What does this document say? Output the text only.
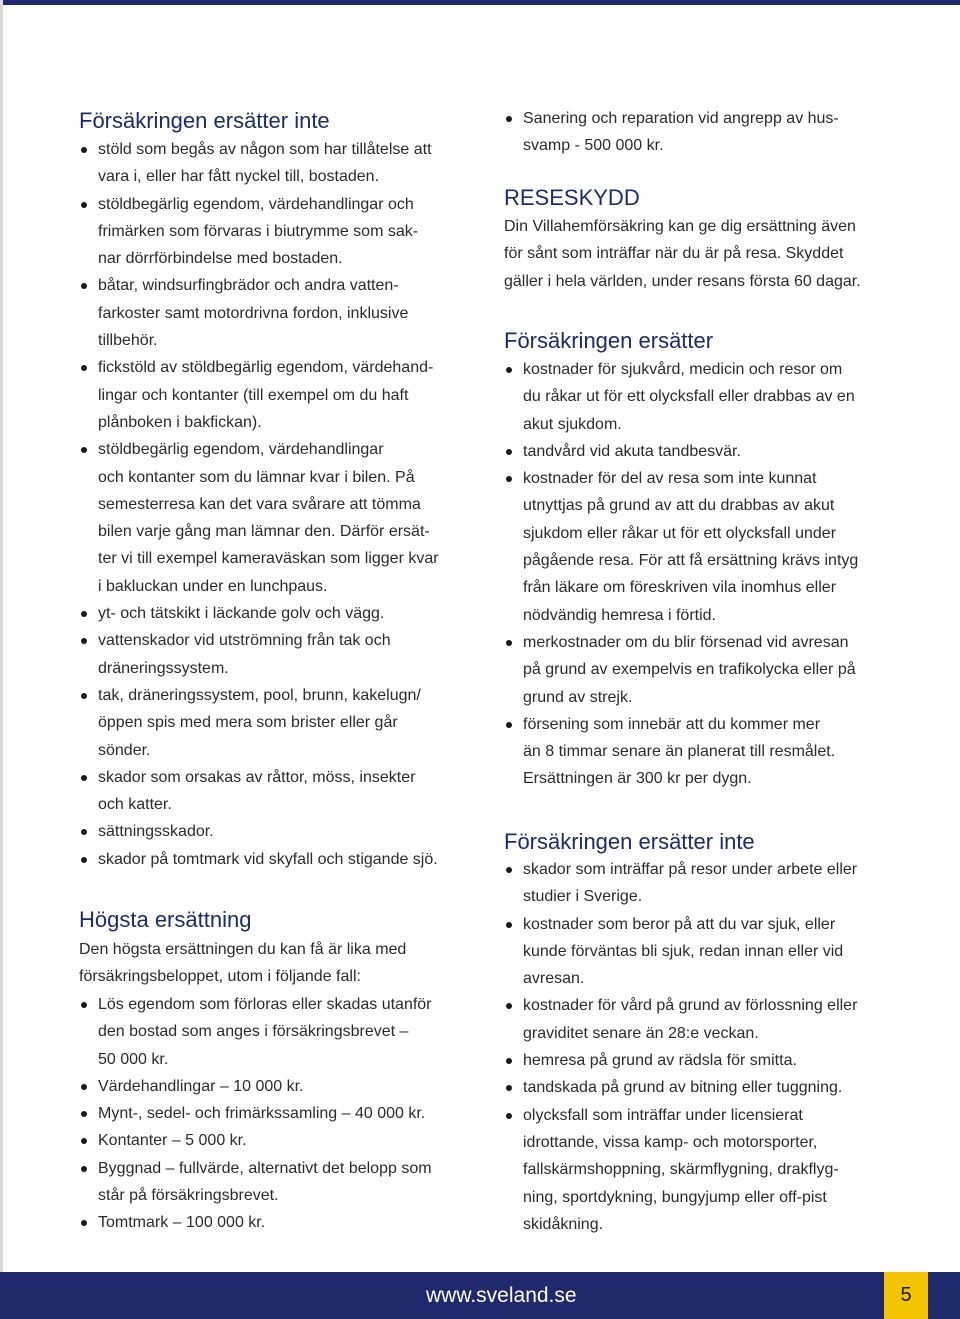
Försäkringen ersätter inte
stöld som begås av någon som har tillåtelse att
vara i, eller har fått nyckel till, bostaden.
stöldbegärlig egendom, värdehandlingar och
frimärken som förvaras i biutrymme som sak-
nar dörrförbindelse med bostaden.
båtar, windsurfingbrädor och andra vatten-
farkoster samt motordrivna fordon, inklusive
tillbehör.
fickstöld av stöldbegärlig egendom, värdehand-
lingar och kontanter (till exempel om du haft
plånboken i bakfickan).
stöldbegärlig egendom, värdehandlingar
och kontanter som du lämnar kvar i bilen. På
semesterresa kan det vara svårare att tömma
bilen varje gång man lämnar den. Därför ersät-
ter vi till exempel kameraväskan som ligger kvar
i bakluckan under en lunchpaus.
yt- och tätskikt i läckande golv och vägg.
vattenskador vid utströmning från tak och
dräneringssystem.
tak, dräneringssystem, pool, brunn, kakelugn/
öppen spis med mera som brister eller går
sönder.
skador som orsakas av råttor, möss, insekter
och katter.
sättningsskador.
skador på tomtmark vid skyfall och stigande sjö.
Högsta ersättning
Den högsta ersättningen du kan få är lika med
försäkringsbeloppet, utom i följande fall:
Lös egendom som förloras eller skadas utanför
den bostad som anges i försäkringsbrevet –
50 000 kr.
Värdehandlingar – 10 000 kr.
Mynt-, sedel- och frimärkssamling – 40 000 kr.
Kontanter – 5 000 kr.
Byggnad – fullvärde, alternativt det belopp som
står på försäkringsbrevet.
Tomtmark – 100 000 kr.
Sanering och reparation vid angrepp av hus-
svamp - 500 000 kr.
RESESKYDD
Din Villahemförsäkring kan ge dig ersättning även
för sånt som inträffar när du är på resa. Skyddet
gäller i hela världen, under resans första 60 dagar.
Försäkringen ersätter
kostnader för sjukvård, medicin och resor om
du råkar ut för ett olycksfall eller drabbas av en
akut sjukdom.
tandvård vid akuta tandbesvär.
kostnader för del av resa som inte kunnat
utnyttjas på grund av att du drabbas av akut
sjukdom eller råkar ut för ett olycksfall under
pågående resa. För att få ersättning krävs intyg
från läkare om föreskriven vila inomhus eller
nödvändig hemresa i förtid.
merkostnader om du blir försenad vid avresan
på grund av exempelvis en trafikolycka eller på
grund av strejk.
försening som innebär att du kommer mer
än 8 timmar senare än planerat till resmålet.
Ersättningen är 300 kr per dygn.
Försäkringen ersätter inte
skador som inträffar på resor under arbete eller
studier i Sverige.
kostnader som beror på att du var sjuk, eller
kunde förväntas bli sjuk, redan innan eller vid
avresan.
kostnader för vård på grund av förlossning eller
graviditet senare än 28:e veckan.
hemresa på grund av rädsla för smitta.
tandskada på grund av bitning eller tuggning.
olycksfall som inträffar under licensierat
idrottande, vissa kamp- och motorsporter,
fallskärmshoppning, skärmflygning, drakflyg-
ning, sportdykning, bungyjump eller off-pist
skidåkning.
www.sveland.se	5
